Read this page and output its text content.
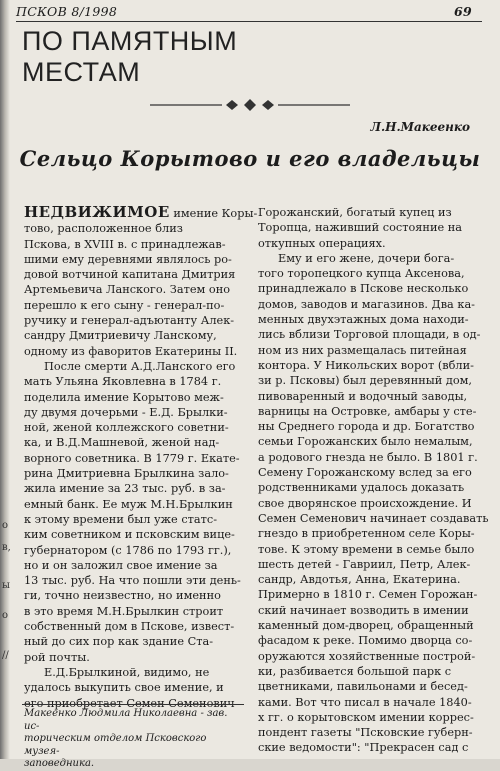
ПСКОВ 8/1998	69
ПО ПАМЯТНЫМ
МЕСТАМ
Л.Н.Макеенко
Сельцо Корытово и его владельцы
НЕДВИЖИМОЕ имение Коры-
тово, расположенное близ
Пскова, в XVIII в. с принадлежав-
шими ему деревнями являлось ро-
довой вотчиной капитана Дмитрия
Артемьевича Ланского. Затем оно
перешло к его сыну - генерал-по-
ручику и генерал-адъютанту Алек-
сандру Дмитриевичу Ланскому,
одному из фаворитов Екатерины II.
После смерти А.Д.Ланского его
мать Ульяна Яковлевна в 1784 г.
поделила имение Корытово меж-
ду двумя дочерьми - Е.Д. Брылки-
ной, женой коллежского советни-
ка, и В.Д.Машневой, женой над-
ворного советника. В 1779 г. Екате-
рина Дмитриевна Брылкина зало-
жила имение за 23 тыс. руб. в за-
емный банк. Ее муж М.Н.Брылкин
к этому времени был уже статс-
ким советником и псковским вице-
губернатором (с 1786 по 1793 гг.),
но и он заложил свое имение за
13 тыс. руб. На что пошли эти день-
ги, точно неизвестно, но именно
в это время М.Н.Брылкин строит
собственный дом в Пскове, извест-
ный до сих пор как здание Ста-
рой почты.
Е.Д.Брылкиной, видимо, не
удалось выкупить свое имение, и
его приобретает Семен Семенович
Горожанский, богатый купец из
Торопца, наживший состояние на
откупных операциях.
Ему и его жене, дочери бога-
того торопецкого купца Аксенова,
принадлежало в Пскове несколько
домов, заводов и магазинов. Два ка-
менных двухэтажных дома находи-
лись вблизи Торговой площади, в од-
ном из них размещалась питейная
контора. У Никольских ворот (вбли-
зи р. Псковы) был деревянный дом,
пивоваренный и водочный заводы,
варницы на Островке, амбары у сте-
ны Среднего города и др. Богатство
семьи Горожанских было немалым,
а родового гнезда не было. В 1801 г.
Семену Горожанскому вслед за его
родственниками удалось доказать
свое дворянское происхождение. И
Семен Семенович начинает создавать
гнездо в приобретенном селе Коры-
тове. К этому времени в семье было
шесть детей - Гавриил, Петр, Алек-
сандр, Авдотья, Анна, Екатерина.
Примерно в 1810 г. Семен Горожан-
ский начинает возводить в имении
каменный дом-дворец, обращенный
фасадом к реке. Помимо дворца со-
оружаются хозяйственные построй-
ки, разбивается большой парк с
цветниками, павильонами и бесед-
ками. Вот что писал в начале 1840-
х гг. о корытовском имении коррес-
пондент газеты "Псковские губерн-
ские ведомости": "Прекрасен сад с
Макеенко Людмила Николаевна - зав. ис-
торическим отделом Псковского музея-
заповедника.
о
в,
ы
о
//
